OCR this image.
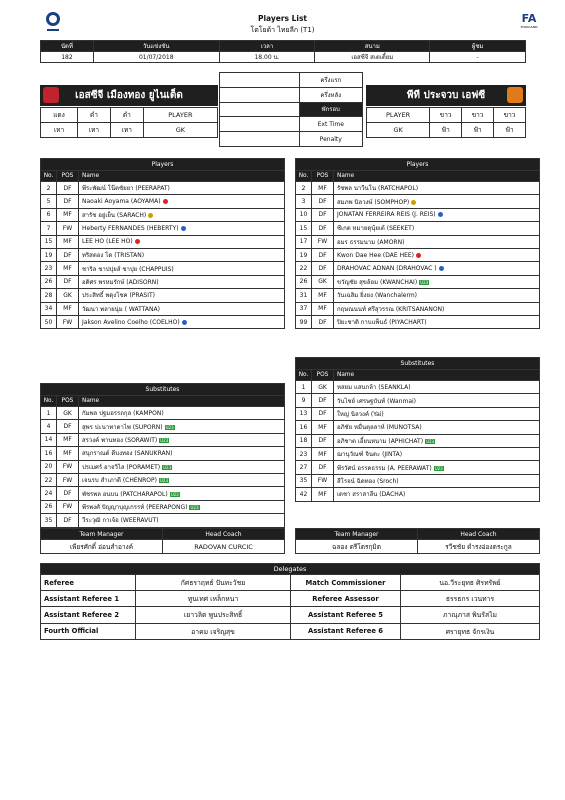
Players List
โตโยต้า ไทยลีก (T1)
FA
THAILAND
นัดที่	วันแข่งขัน	เวลา	สนาม	ผู้ชม
182	01/07/2018	18.00 น.	เอสซีจี สเตเดี้ยม	-
เอสซีจี เมืองทอง ยูไนเต็ด
แดง	ดำ	ดำ	PLAYER
เทา	เทา	เทา	GK
	ครึ่งแรก
	ครึ่งหลัง
	พักรอบ
	Ext Time
	Penalty
พีที ประจวบ เอฟซี
PLAYER	ขาว	ขาว	ขาว
GK	ฟ้า	ฟ้า	ฟ้า
Players		
No.	POS	Name
2	DF	พีระพัฒน์ โน๊ตชัยยา (PEERAPAT)
5	DF	Naoaki Aoyama (AOYAMA)
6	MF	สารัช อยู่เย็น (SARACH)
7	FW	Heberty FERNANDES (HEBERTY)
15	MF	LEE HO (LEE HO)
19	DF	ทริสตอง โด (TRISTAN)
23	MF	ชาริล ชาปปุยส์ ชาปุย (CHAPPUIS)
26	DF	อดิศร พรหมรักษ์ (ADISORN)
28	GK	ประสิทธิ์ พดุงโชค (PRASIT)
34	MF	วัฒนา พลายนุ่ม ( WATTANA)
50	FW	Jakson Avelino Coelho (COELHO)
Substitutes		
No.	POS	Name
1	GK	กัมพล ปฐมอรรถกุล (KAMPON)
4	DF	สุพร ปะนาทาดาไพ (SUPORN) U23
14	MF	สรวงค์ พานทอง (SORAWIT) U23
16	MF	สนุกราณต์ ดีบงทอง (SANUKRAN)
20	FW	ปรเมศร์ อาจวิไล (PORAMET) U23
22	FW	เจนรบ สำเภาดี (CHENROP) U23
24	DF	พัชรพล อนบน (PATCHARAPOL) U23
26	FW	พีรพงศ์ ปัญญาบุญเกรรท์ (PEERAPONG) U23
35	DF	วีระวุฒิ กาเจ้อ (WEERAVUT)
Players		
No.	POS	Name
2	MF	รัชพล นาวีนโน (RATCHAPOL)
3	DF	สมภพ นิลวงษ์ (SOMPHOP)
10	DF	JONATAN FERREIRA REIS (J. REIS)
15	DF	ซีเกต หมายดุนุ้ยเต้ (SEEKET)
17	FW	อมร ธรรมนาม (AMORN)
19	DF	Kwon Dae Hee (DAE HEE)
22	DF	DRAHOVAC ADNAN (DRAHOVAC )
26	GK	ขวัญชัย สุขล้อม (KWANCHAI) U23
31	MF	วันเฉลิม ยิ่งยง (Wanchalerm)
37	MF	กฤษณนนท์ ศรีสุวรรณ (KRITSANANON)
99	DF	ปิยะชาติ กาบแพ็นธ์ (PIYACHART)
Substitutes		
No.	POS	Name
1	GK	หสยม แสนกล้า (SEANKLA)
9	DF	วันไชย์ เศรษฐบันท์ (Wanmai)
13	DF	ใหญ่ นิลวงค์ (Yai)
16	MF	อภิชัย หมื่นตุลลาห์ (MUNOTSA)
18	DF	อภิชาต เอี้ยนหนาม (APHICHAT) U23
23	MF	ฌานุวัณฑ์ จินตะ (JINTA)
27	DF	พีรวัศน์ อรรคธรรม (A. PEERAWAT) U23
35	FW	สีโรจน์ ฉิดทอง (Sroch)
42	MF	เดชา สราสาลีน (DACHA)
Team Manager	Head Coach
เพียรศักดิ์ อ่อนสำอางค์	RADOVAN CURCIC
Team Manager	Head Coach
ฉลอง ตรีโตรกุมิต	รวีชชัย ดำรงอ่องตระกูล
Delegates			
Referee	กัศธราฤทธ์ ปันทะวัชย	Match Commissioner	นอ.วีระยุทธ ศิรทรัพย์
Assistant Referee 1	ทูนเทศ เหล็กหนา	Referee Assessor	ธรรธกร เวนทาร
Assistant Referee 2	เยาวลิต พูนประสิทธิ์	Assistant Referee 5	ภาณุภาส พินรัสไม
Fourth Official	อาคม เจริญสุข	Assistant Referee 6	ศรายุทธ จักรเงิน
